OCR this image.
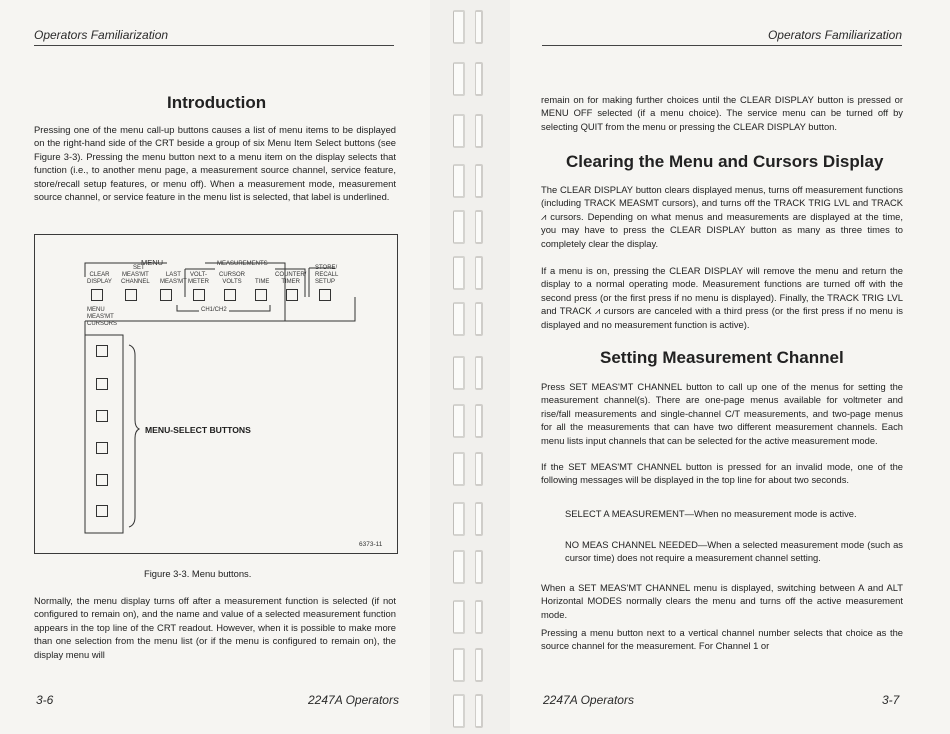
Operators Familiarization
Introduction

Pressing one of the menu call-up buttons causes a list of menu items to be displayed on the right-hand side of the CRT beside a group of six Menu Item Select buttons (see Figure 3-3). Pressing the menu button next to a menu item on the display selects that function (i.e., to another menu page, a measurement source channel, service feature, store/recall setup features, or menu off). When a measurement mode, measurement source channel, or service feature in the menu list is selected, that label is underlined.

MENU	MEASUREMENTS
SET
CLEAR
DISPLAY
MEAS'MT
CHANNEL
LAST
MEAS'MT
VOLT-
METER
CURSOR
VOLTS	TIME
COUNTER/
TIMER
STORE/
RECALL
SETUP
CH1/CH2
MENU
MEAS'MT
CURSORS
MENU-SELECT BUTTONS
6373-11
Figure 3-3. Menu buttons.

Normally, the menu display turns off after a measurement function is selected (if not configured to remain on), and the name and value of a selected measurement function appears in the top line of the CRT readout. However, when it is possible to make more than one selection from the menu list (or if the menu is configured to remain on), the display menu will

3-6	2247A Operators
Operators Familiarization

remain on for making further choices until the CLEAR DISPLAY button is pressed or MENU OFF selected (if a menu choice). The service menu can be turned off by selecting QUIT from the menu or pressing the CLEAR DISPLAY button.

Clearing the Menu and Cursors Display

The CLEAR DISPLAY button clears displayed menus, turns off measurement functions (including TRACK MEASMT cursors), and turns off the TRACK TRIG LVL and TRACK ⩘ cursors. Depending on what menus and measurements are displayed at the time, you may have to press the CLEAR DISPLAY button as many as three times to completely clear the display.

If a menu is on, pressing the CLEAR DISPLAY will remove the menu and return the display to a normal operating mode. Measurement functions are turned off with the second press (or the first press if no menu is displayed). Finally, the TRACK TRIG LVL and TRACK ⩘ cursors are canceled with a third press (or the first press if no menu is displayed and no measurement function is active).

Setting Measurement Channel

Press SET MEAS'MT CHANNEL button to call up one of the menus for setting the measurement channel(s). There are one-page menus available for voltmeter and rise/fall measurements and single-channel C/T measurements, and two-page menus for all the measurements that can have two different measurement channels. Each menu lists input channels that can be selected for the active measurement mode.

If the SET MEAS'MT CHANNEL button is pressed for an invalid mode, one of the following messages will be displayed in the top line for about two seconds.

SELECT A MEASUREMENT—When no measurement mode is active.

NO MEAS CHANNEL NEEDED—When a selected measurement mode (such as cursor time) does not require a measurement channel setting.

When a SET MEAS'MT CHANNEL menu is displayed, switching between A and ALT Horizontal MODES normally clears the menu and turns off the active measurement mode.

Pressing a menu button next to a vertical channel number selects that choice as the source channel for the measurement. For Channel 1 or

2247A Operators	3-7
